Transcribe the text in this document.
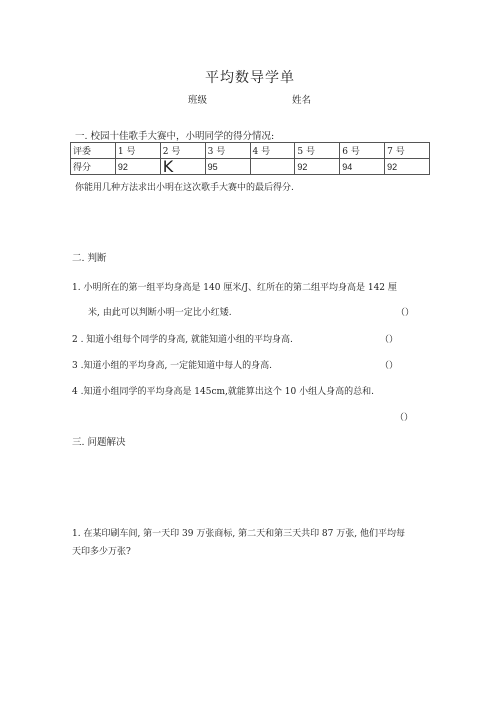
平均数导学单
班级	姓名
一. 校园十佳歌手大赛中，小明同学的得分情况:
评委	1 号	2 号	3 号	4 号	5 号	6 号	7 号
得分	92	K	95		92	94	92
你能用几种方法求出小明在这次歌手大赛中的最后得分.
二. 判断
1. 小明所在的第一组平均身高是 140 厘米/J、红所在的第二组平均身高是 142 厘
米, 由此可以判断小明一定比小红矮.	（）
2 . 知道小组每个同学的身高, 就能知道小组的平均身高.	（）
3 .知道小组的平均身高, 一定能知道中每人的身高.	（）
4 .知道小组同学的平均身高是 145cm,就能算出这个 10 小组人身高的总和.
（）
三. 问题解决
1. 在某印刷车间, 第一天印 39 万张商标, 第二天和第三天共印 87 万张, 他们平均每
天印多少万张?
